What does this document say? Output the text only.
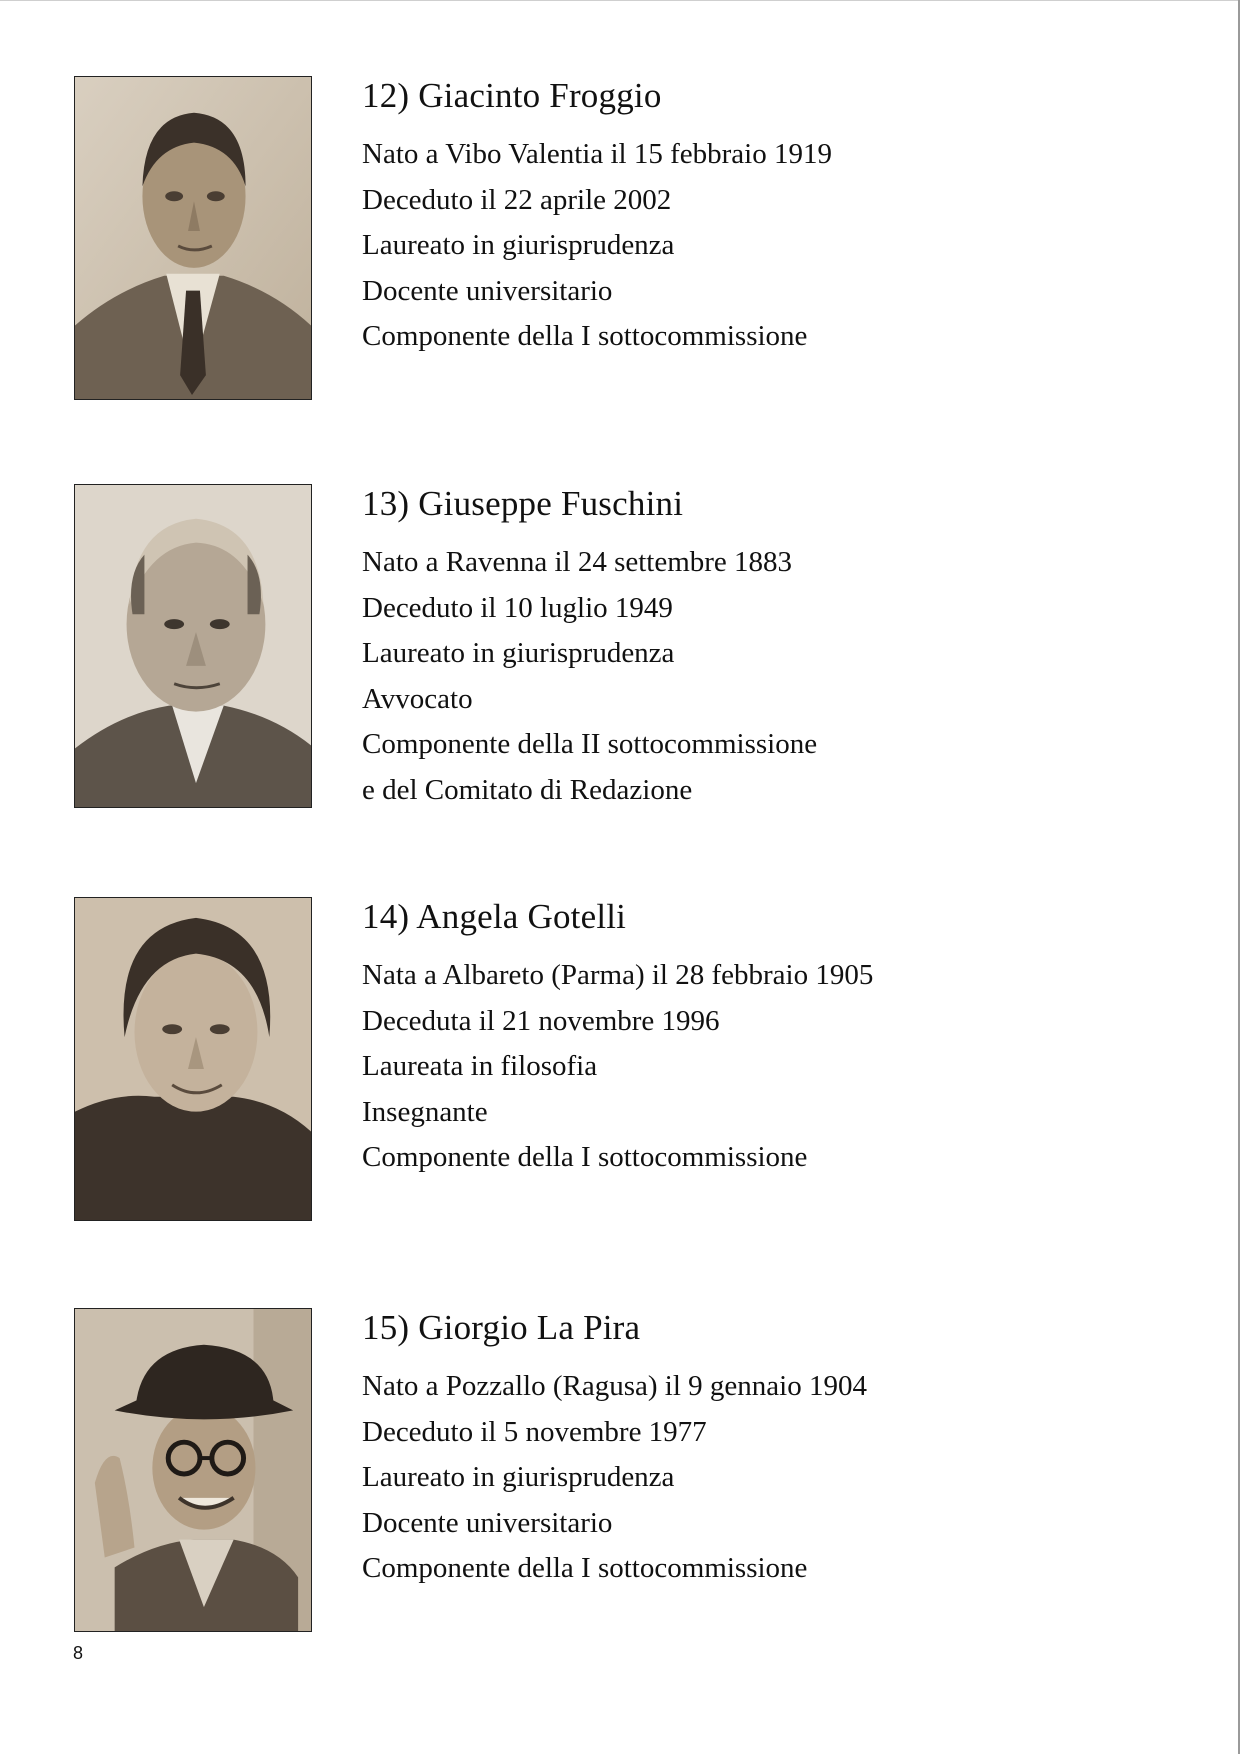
12) Giacinto Froggio
Nato a Vibo Valentia il 15 febbraio 1919
Deceduto il 22 aprile 2002
Laureato in giurisprudenza
Docente universitario
Componente della I sottocommissione
13) Giuseppe Fuschini
Nato a Ravenna il 24 settembre 1883
Deceduto il 10 luglio 1949
Laureato in giurisprudenza
Avvocato
Componente della II sottocommissione
e del Comitato di Redazione
14) Angela Gotelli
Nata a Albareto (Parma) il 28 febbraio 1905
Deceduta il 21 novembre 1996
Laureata in filosofia
Insegnante
Componente della I sottocommissione
15) Giorgio La Pira
Nato a Pozzallo (Ragusa) il 9 gennaio 1904
Deceduto il 5 novembre 1977
Laureato in giurisprudenza
Docente universitario
Componente della I sottocommissione
8
